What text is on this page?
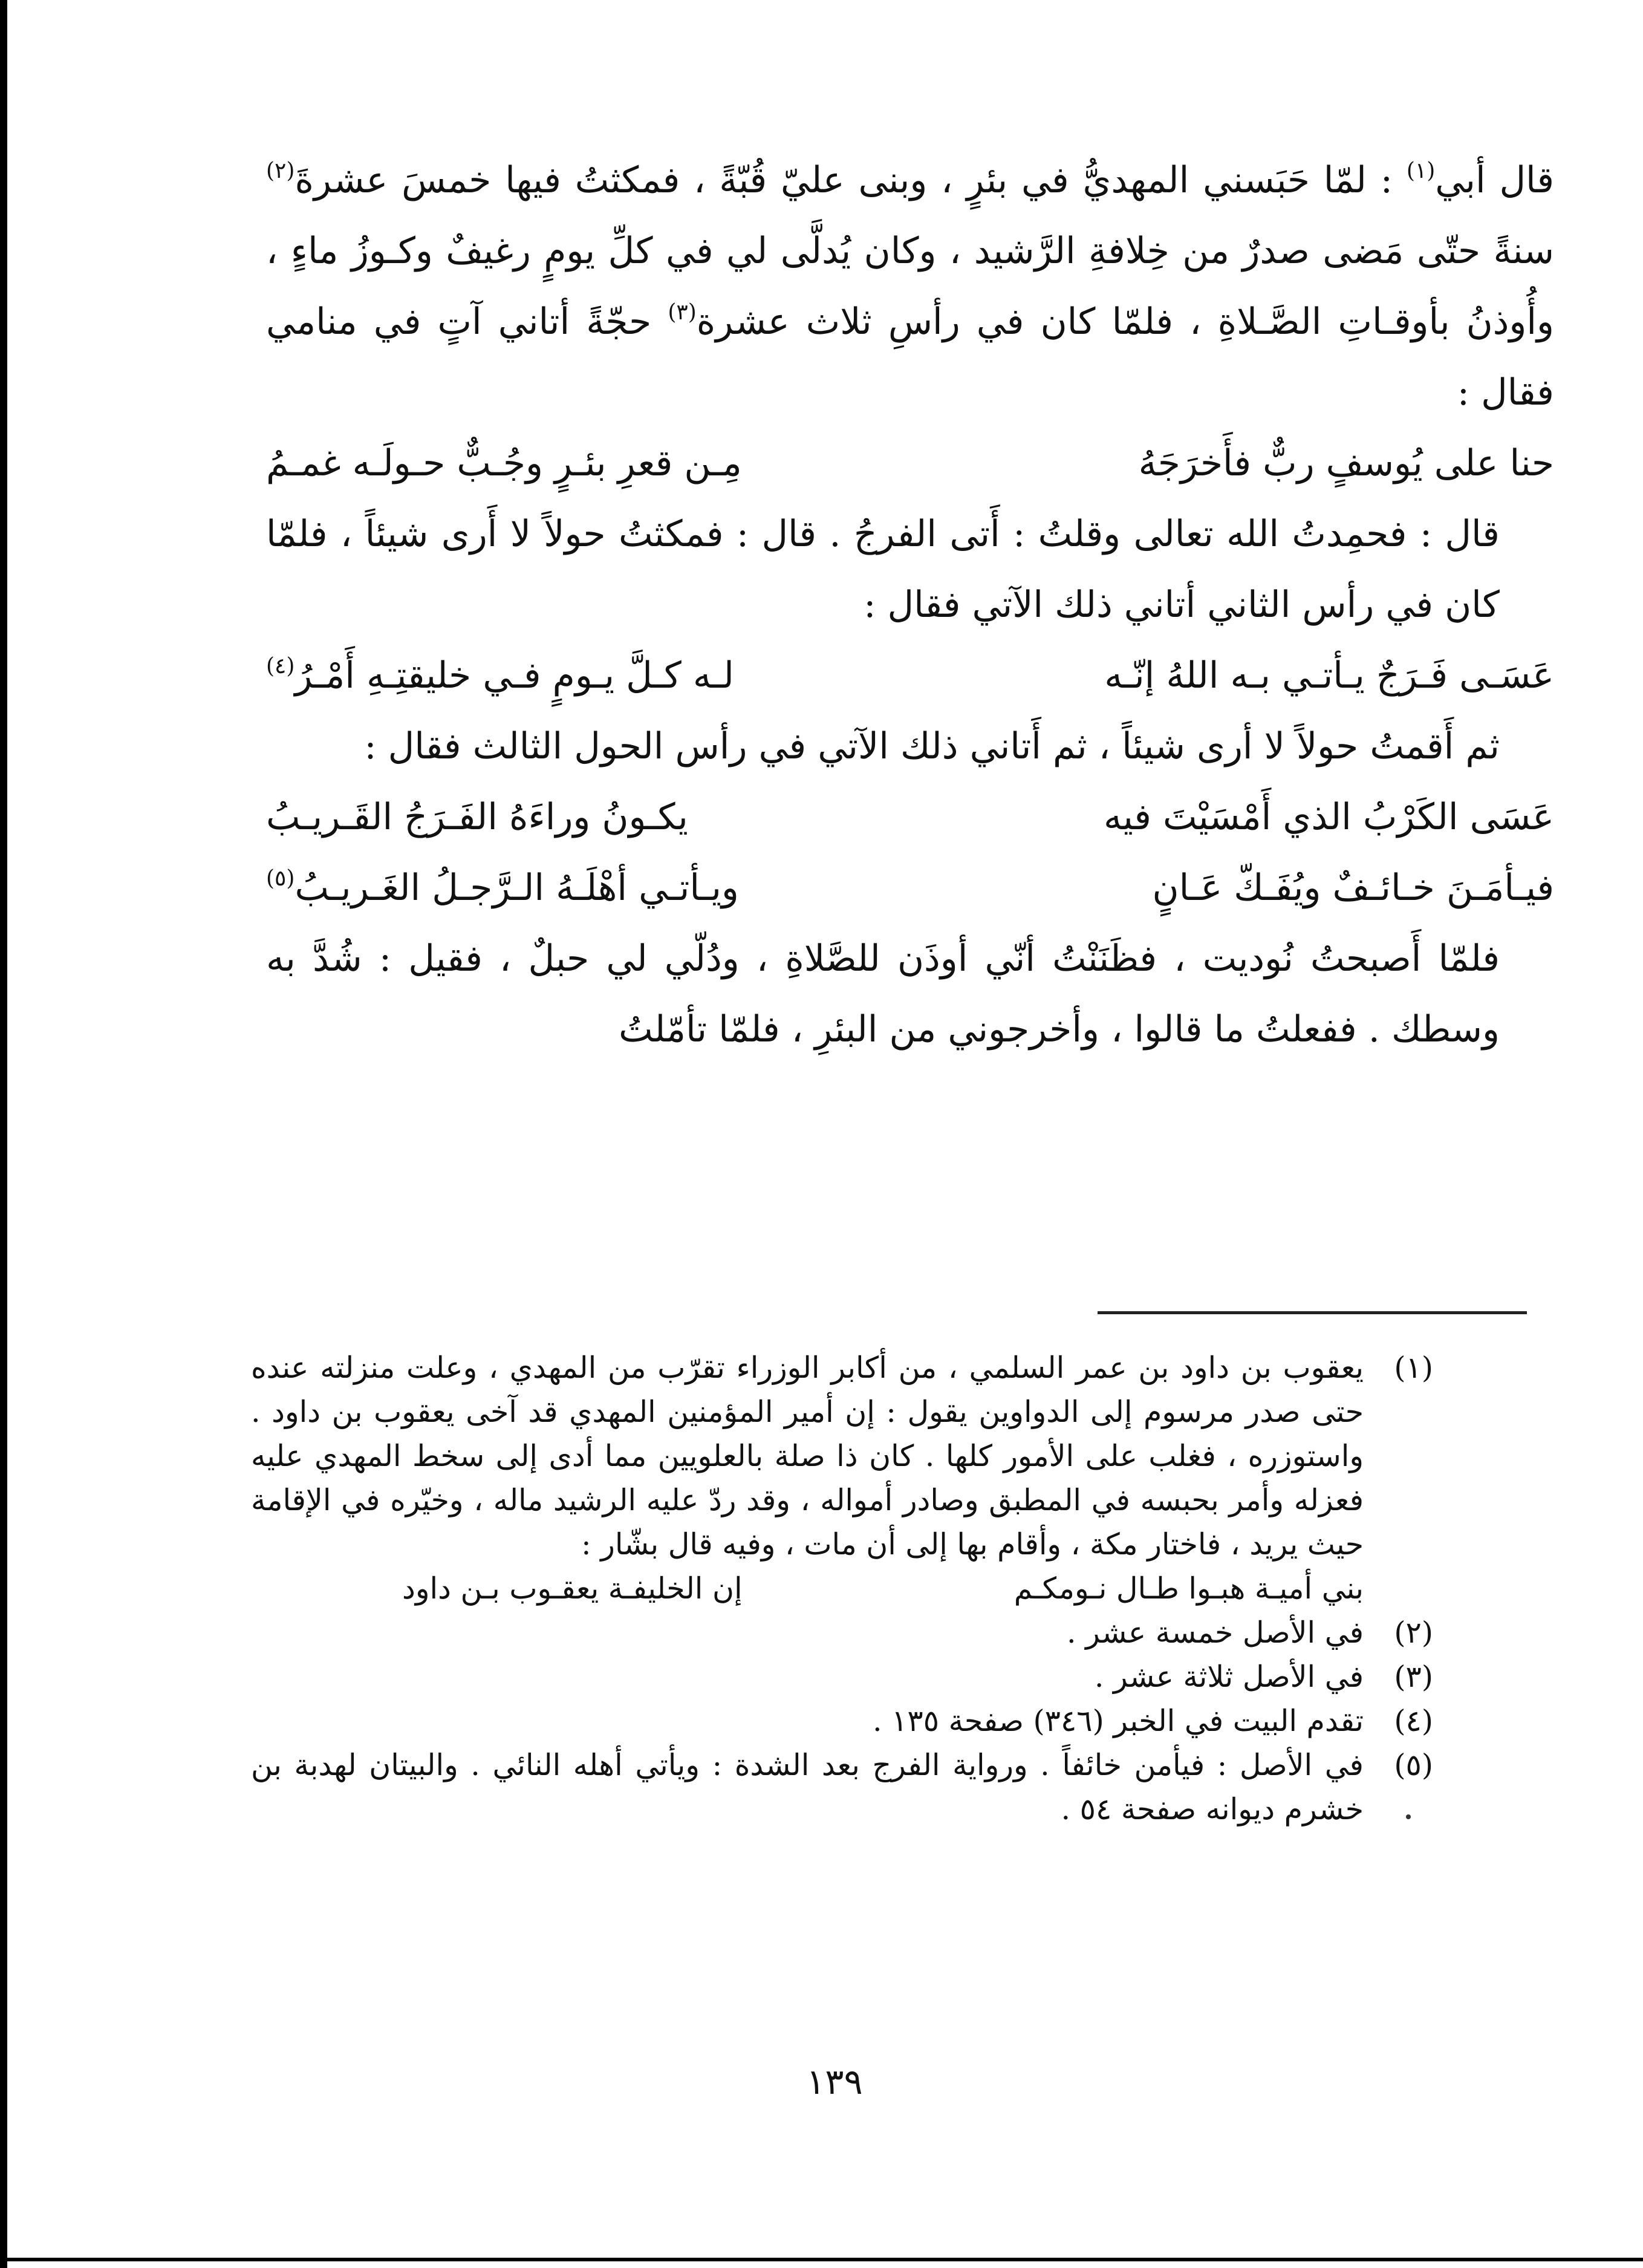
قال أبي$^{(١)}$ : لمّا حَبَسني المهديُّ في بئرٍ ، وبنى عليّ قُبّةً ، فمكثتُ فيها خمسَ عشرةَ$^{(٢)}$ سنةً حتّى مَضى صدرٌ من خِلافةِ الرَّشيد ، وكان يُدلَّى لي في كلِّ يومٍ رغيفٌ وكـوزُ ماءٍ ، وأُوذنُ بأوقـاتِ الصَّـلاةِ ، فلمّا كان في رأسِ ثلاث عشرة$^{(٣)}$ حجّةً أتاني آتٍ في منامي فقال :

حنا على يُوسفٍ ربٌّ فأَخرَجَهُ
مِـن قعرِ بئـرٍ وجُـبٌّ حـولَـه غمـمُ

قال : فحمِدتُ الله تعالى وقلتُ : أَتى الفرجُ . قال : فمكثتُ حولاً لا أَرى شيئاً ، فلمّا كان في رأس الثاني أتاني ذلك الآتي فقال :

عَسَـى فَـرَجٌ يـأتـي بـه اللهُ إنّـه
لـه كـلَّ يـومٍ فـي خليقتِـهِ أَمْـرُ$^{(٤)}$

ثم أَقمتُ حولاً لا أرى شيئاً ، ثم أَتاني ذلك الآتي في رأس الحول الثالث فقال :

عَسَى الكَرْبُ الذي أَمْسَيْتَ فيه
يكـونُ وراءَهُ الفَـرَجُ القَـريـبُ
فيـأمَـنَ خـائـفٌ ويُفَـكّ عَـانٍ
ويـأتـي أهْلَـهُ الـرَّجـلُ الغَـريـبُ$^{(٥)}$

فلمّا أَصبحتُ نُوديت ، فظَنَنْتُ أنّي أوذَن للصَّلاةِ ، ودُلّي لي حبلٌ ، فقيل : شُدَّ به وسطك . ففعلتُ ما قالوا ، وأخرجوني من البئرِ ، فلمّا تأمّلتُ

(١)
يعقوب بن داود بن عمر السلمي ، من أكابر الوزراء تقرّب من المهدي ، وعلت منزلته عنده حتى صدر مرسوم إلى الدواوين يقول : إن أمير المؤمنين المهدي قد آخى يعقوب بن داود . واستوزره ، فغلب على الأمور كلها . كان ذا صلة بالعلويين مما أدى إلى سخط المهدي عليه فعزله وأمر بحبسه في المطبق وصادر أمواله ، وقد ردّ عليه الرشيد ماله ، وخيّره في الإقامة حيث يريد ، فاختار مكة ، وأقام بها إلى أن مات ، وفيه قال بشّار :
بني أميـة هبـوا طـال نـومكـم
إن الخليفـة يعقـوب بـن داود
(٢)
في الأصل خمسة عشر .
(٣)
في الأصل ثلاثة عشر .
(٤)
تقدم البيت في الخبر (٣٤٦) صفحة ١٣٥ .
(٥)
في الأصل : فيأمن خائفاً . ورواية الفرج بعد الشدة : ويأتي أهله النائي . والبيتان لهدبة بن خشرم ديوانه صفحة ٥٤ .
١٣٩
